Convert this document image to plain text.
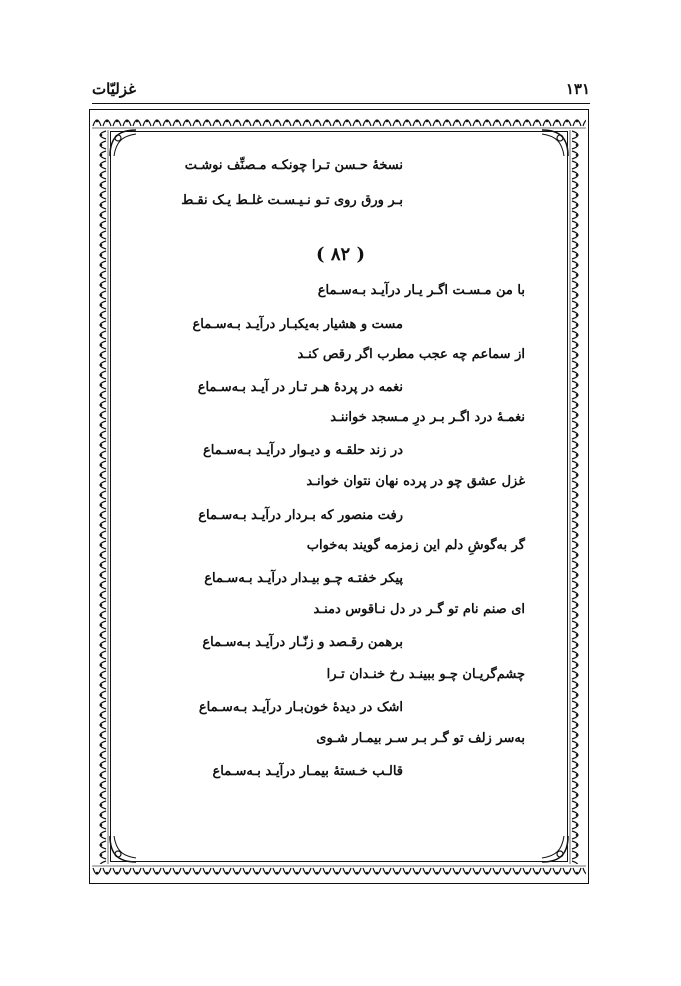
غزلیّات	۱۳۱
نسخهٔ حـسن تـرا چونکـه مـصنِّف نوشـت
بـر ورق روی تـو نـیـسـت غلـط یـک نقـط
( ۸۲ )
با من مـسـت اگـر یـار درآیـد بـه‌سـماع
مست و هشیار به‌یکبـار درآیـد بـه‌سـماع
از سماعم چه عجب مطرب اگر رقص کنـد
نغمه در پردهٔ هـر تـار در آیـد بـه‌سـماع
نغمـهٔ درد اگـر بـر درِ مـسجد خواننـد
در زند حلقـه و دیـوار درآیـد بـه‌سـماع
غزل عشق چو در پرده نهان نتوان خوانـد
رفت منصور که بـردار درآیـد بـه‌سـماع
گر به‌گوشِ دلم این زمزمه گویند به‌خواب
پیکر خفتـه چـو بیـدار درآیـد بـه‌سـماع
ای صنم نام تو گـر در دل نـاقوس دمنـد
برهمن رقـصد و زنّـار درآیـد بـه‌سـماع
چشم‌گریـان چـو ببینـد رخ خنـدان تـرا
اشک در دیدهٔ خون‌بـار درآیـد بـه‌سـماع
به‌سر زلف تو گـر بـر سـر بیمـار شـوی
قالـب خـستهٔ بیمـار درآیـد بـه‌سـماع
